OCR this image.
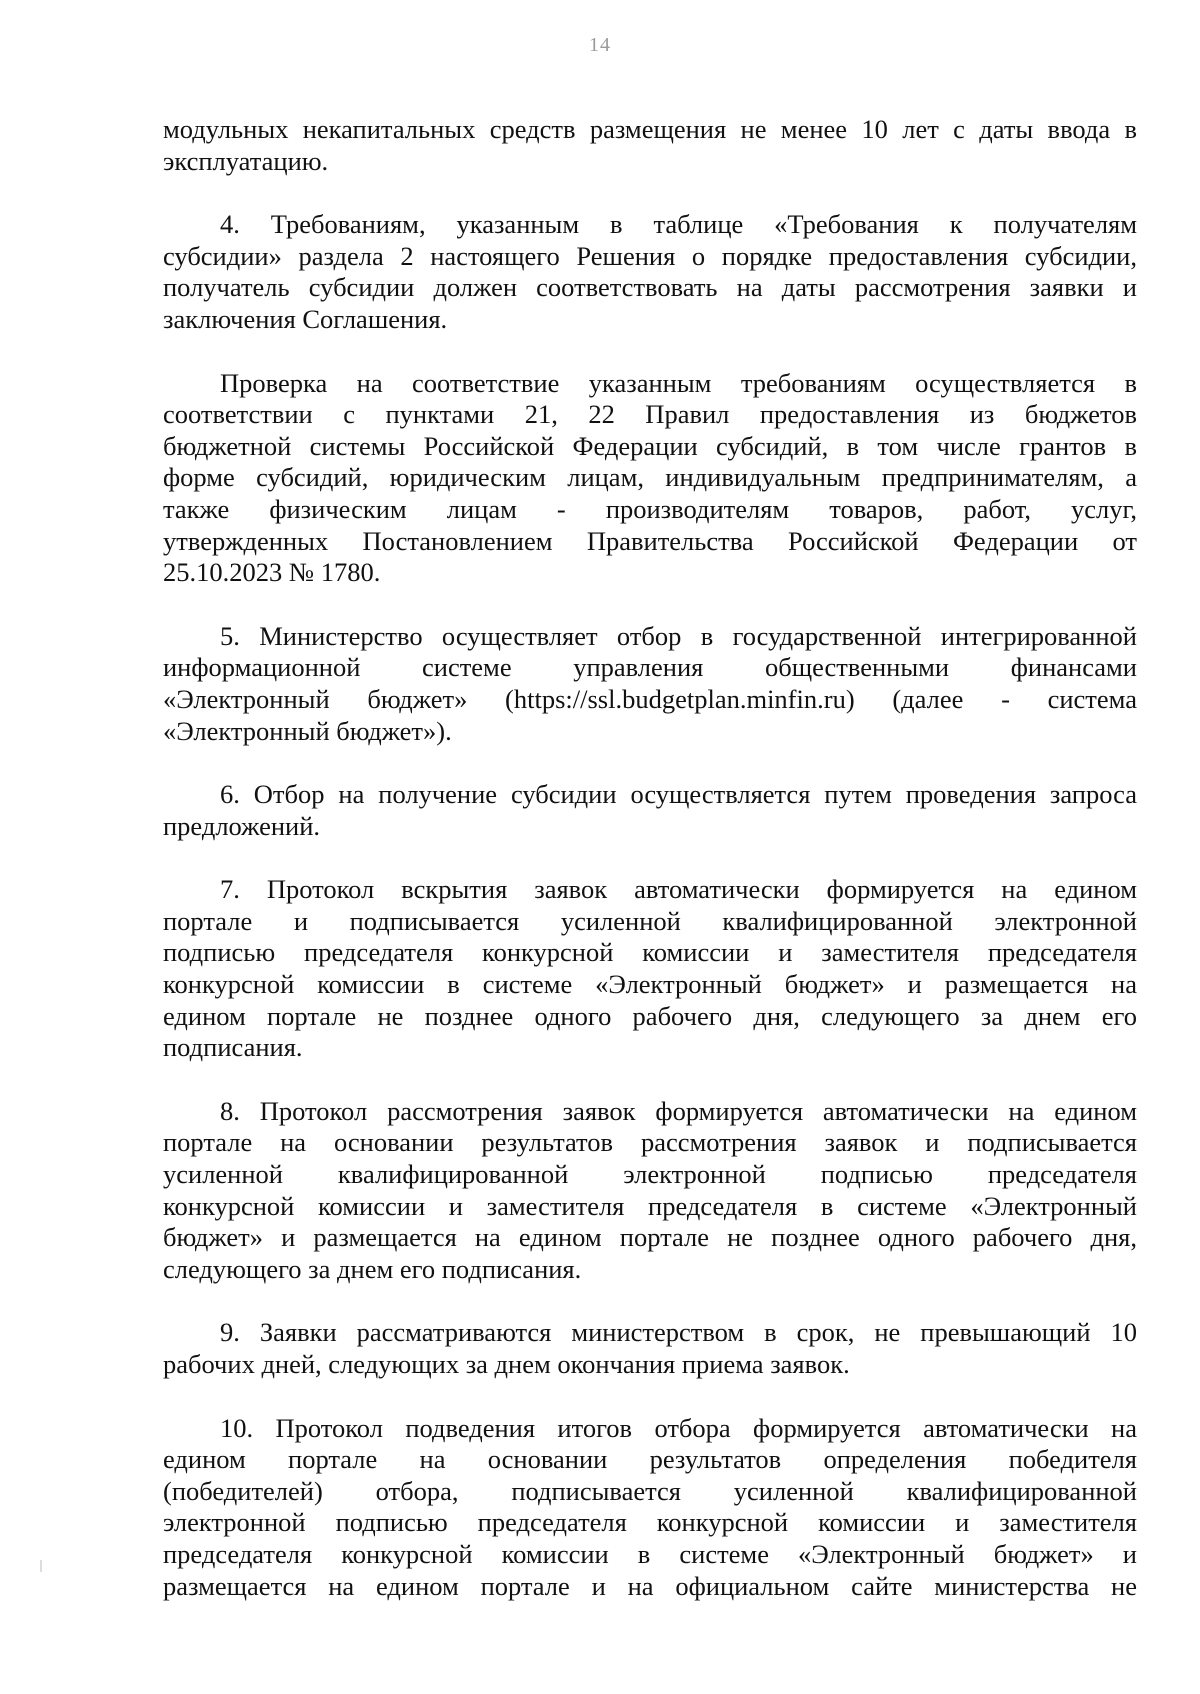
14
модульных некапитальных средств размещения не менее 10 лет с даты ввода в
эксплуатацию.
4. Требованиям, указанным в таблице «Требования к получателям
субсидии» раздела 2 настоящего Решения о порядке предоставления субсидии,
получатель субсидии должен соответствовать на даты рассмотрения заявки и
заключения Соглашения.
Проверка на соответствие указанным требованиям осуществляется в
соответствии с пунктами 21, 22 Правил предоставления из бюджетов
бюджетной системы Российской Федерации субсидий, в том числе грантов в
форме субсидий, юридическим лицам, индивидуальным предпринимателям, а
также физическим лицам - производителям товаров, работ, услуг,
утвержденных Постановлением Правительства Российской Федерации от
25.10.2023 № 1780.
5. Министерство осуществляет отбор в государственной интегрированной
информационной системе управления общественными финансами
«Электронный бюджет» (https://ssl.budgetplan.minfin.ru) (далее - система
«Электронный бюджет»).
6. Отбор на получение субсидии осуществляется путем проведения запроса
предложений.
7. Протокол вскрытия заявок автоматически формируется на едином
портале и подписывается усиленной квалифицированной электронной
подписью председателя конкурсной комиссии и заместителя председателя
конкурсной комиссии в системе «Электронный бюджет» и размещается на
едином портале не позднее одного рабочего дня, следующего за днем его
подписания.
8. Протокол рассмотрения заявок формируется автоматически на едином
портале на основании результатов рассмотрения заявок и подписывается
усиленной квалифицированной электронной подписью председателя
конкурсной комиссии и заместителя председателя в системе «Электронный
бюджет» и размещается на едином портале не позднее одного рабочего дня,
следующего за днем его подписания.
9. Заявки рассматриваются министерством в срок, не превышающий 10
рабочих дней, следующих за днем окончания приема заявок.
10. Протокол подведения итогов отбора формируется автоматически на
едином портале на основании результатов определения победителя
(победителей) отбора, подписывается усиленной квалифицированной
электронной подписью председателя конкурсной комиссии и заместителя
председателя конкурсной комиссии в системе «Электронный бюджет» и
размещается на едином портале и на официальном сайте министерства не
